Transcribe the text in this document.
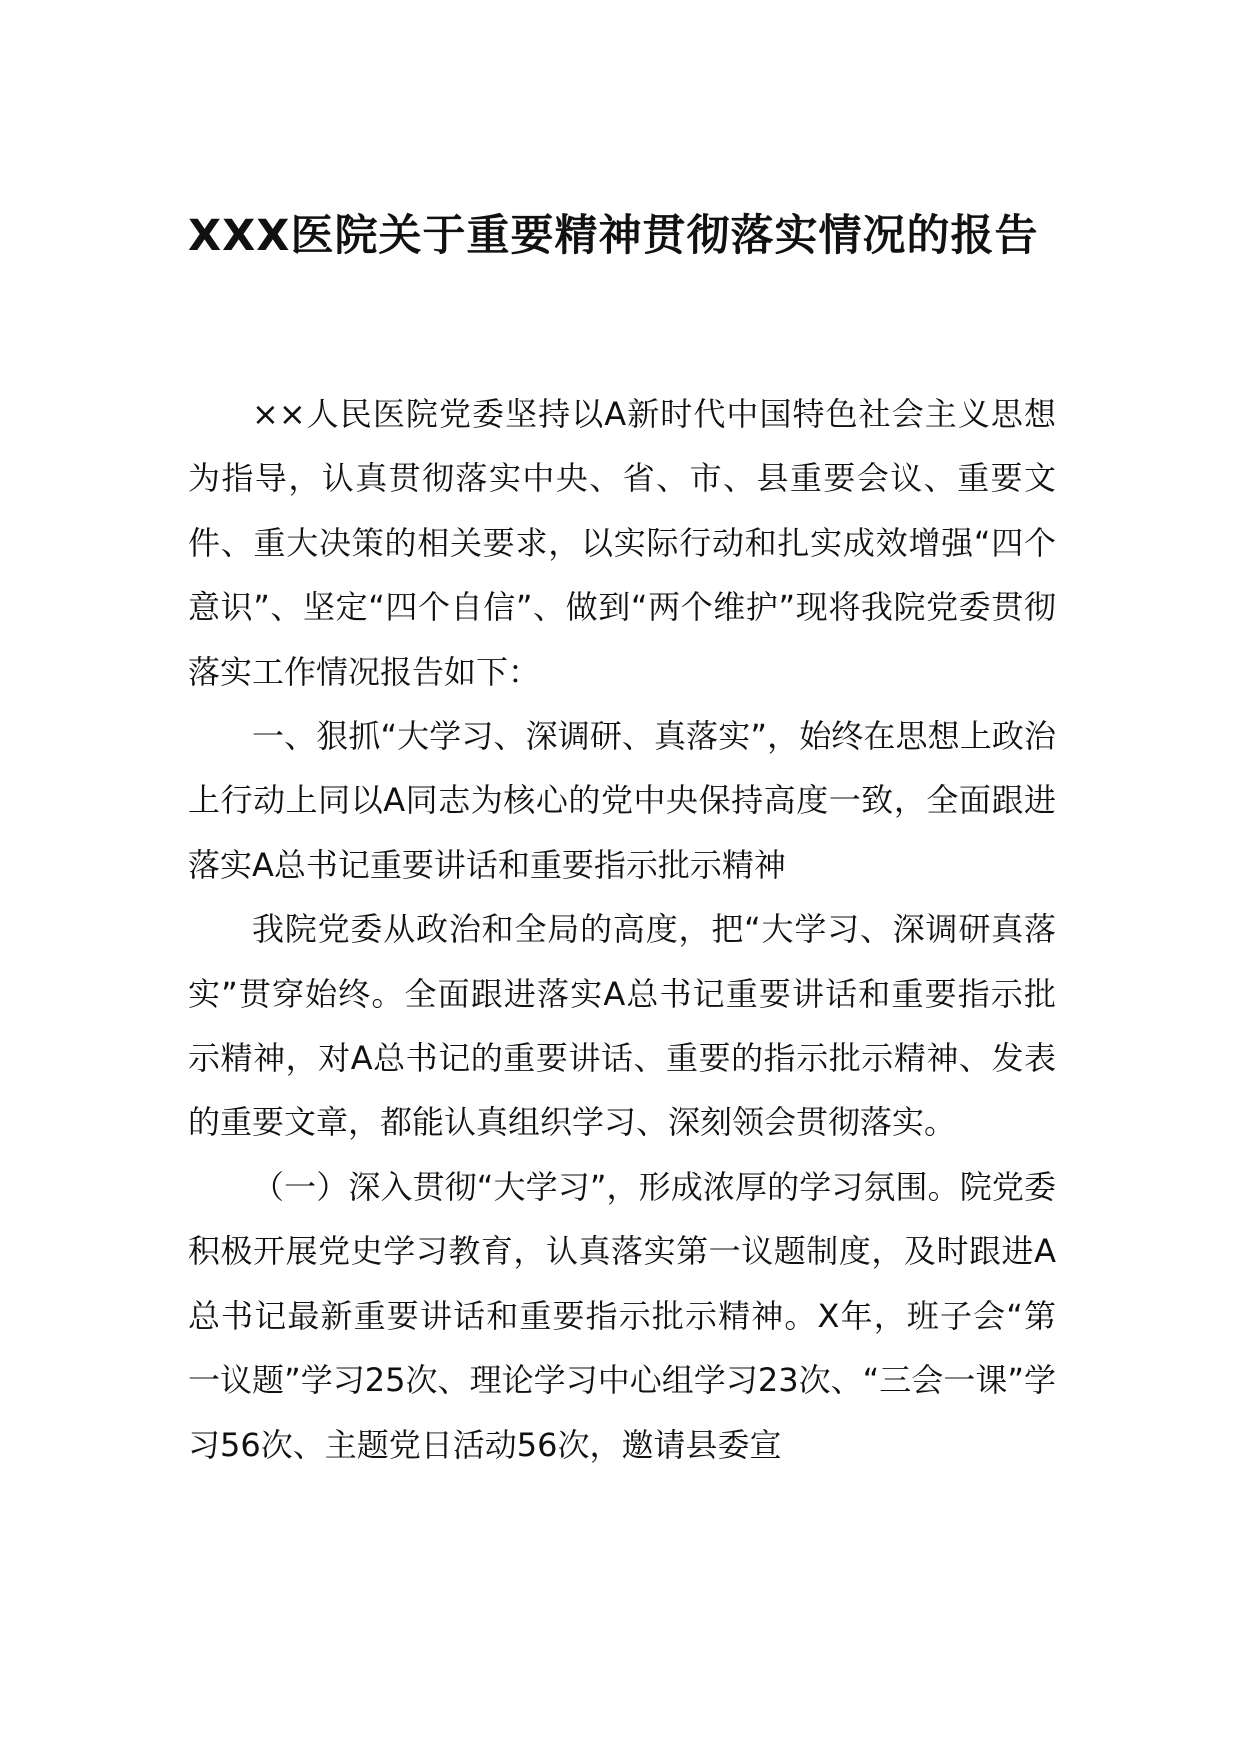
XXX医院关于重要精神贯彻落实情况的报告

××人民医院党委坚持以A新时代中国特色社会主义思想为指导，认真贯彻落实中央、省、市、县重要会议、重要文件、重大决策的相关要求，以实际行动和扎实成效增强“四个意识”、坚定“四个自信”、做到“两个维护”现将我院党委贯彻落实工作情况报告如下：

一、狠抓“大学习、深调研、真落实”，始终在思想上政治上行动上同以A同志为核心的党中央保持高度一致，全面跟进落实A总书记重要讲话和重要指示批示精神

我院党委从政治和全局的高度，把“大学习、深调研真落实”贯穿始终。全面跟进落实A总书记重要讲话和重要指示批示精神，对A总书记的重要讲话、重要的指示批示精神、发表的重要文章，都能认真组织学习、深刻领会贯彻落实。

（一）深入贯彻“大学习”，形成浓厚的学习氛围。院党委积极开展党史学习教育，认真落实第一议题制度，及时跟进A总书记最新重要讲话和重要指示批示精神。X年，班子会“第一议题”学习25次、理论学习中心组学习23次、“三会一课”学习56次、主题党日活动56次，邀请县委宣
